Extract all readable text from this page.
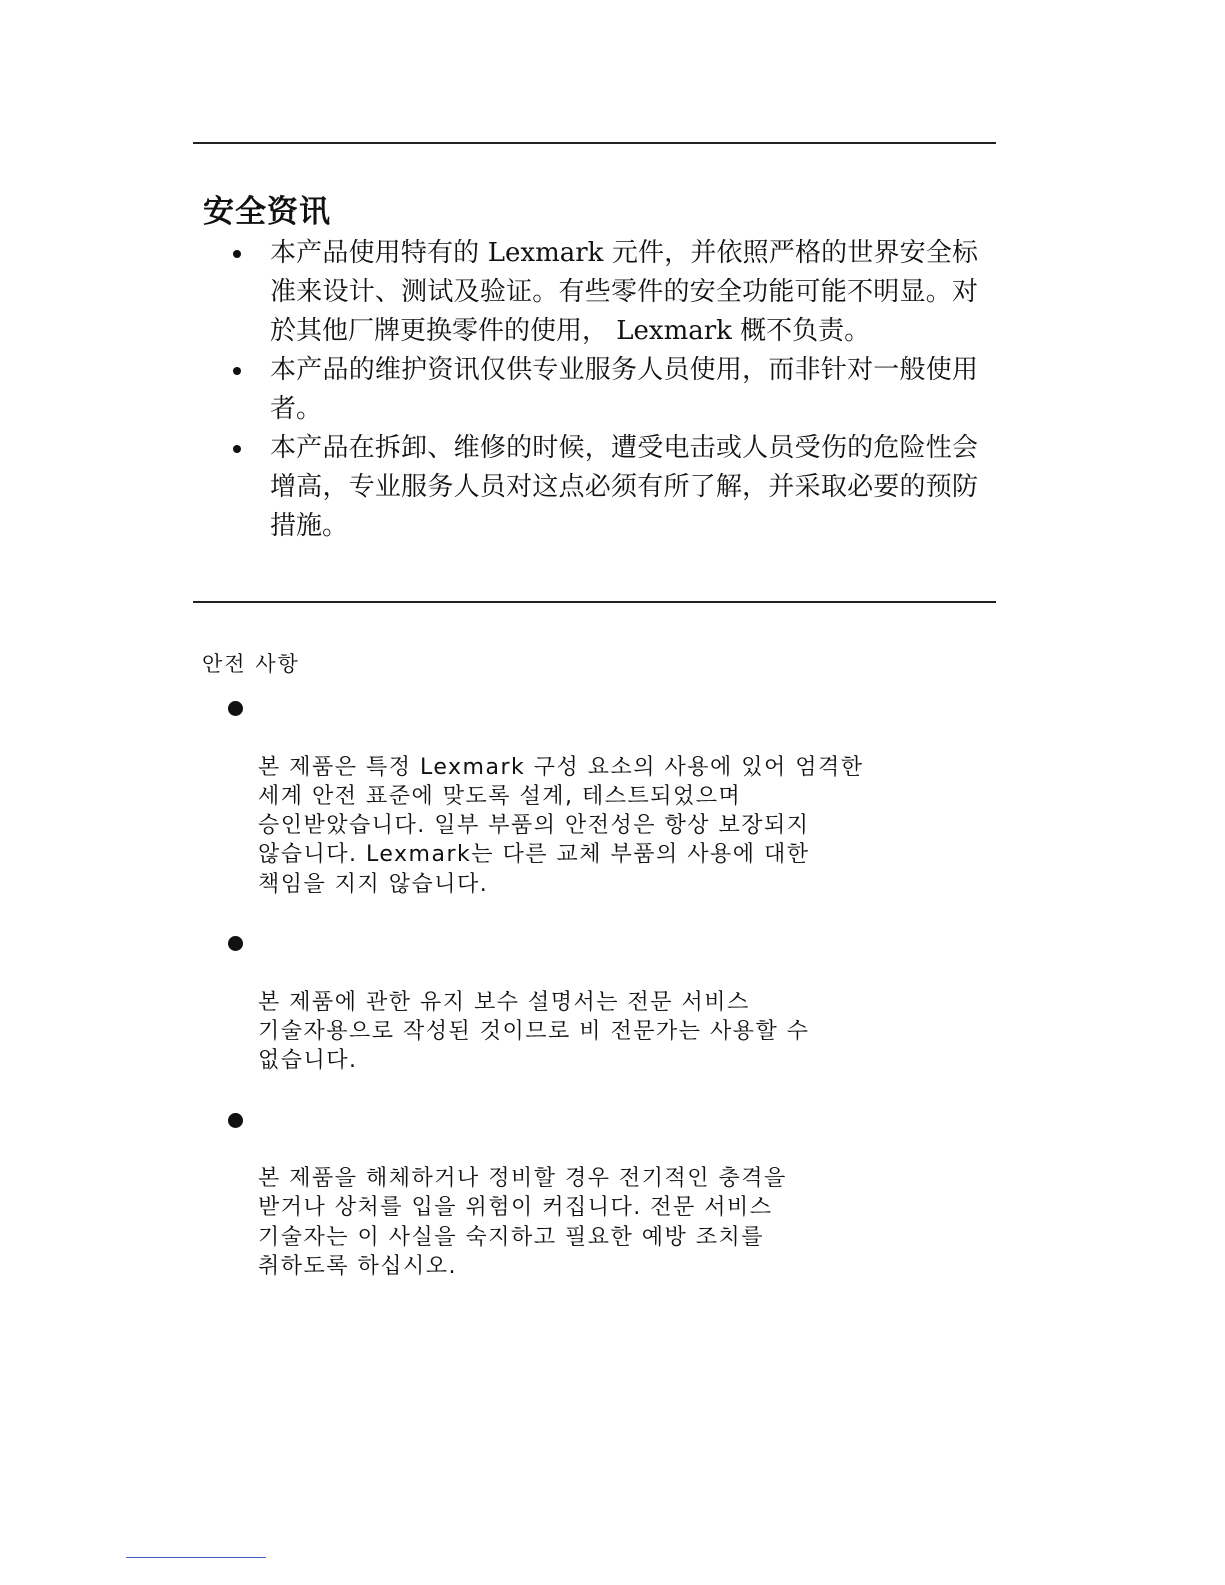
安全资讯
本产品使用特有的 Lexmark 元件，并依照严格的世界安全标准来设计、测试及验证。有些零件的安全功能可能不明显。对於其他厂牌更换零件的使用， Lexmark 概不负责。
本产品的维护资讯仅供专业服务人员使用，而非针对一般使用者。
本产品在拆卸、维修的时候，遭受电击或人员受伤的危险性会增高，专业服务人员对这点必须有所了解，并采取必要的预防措施。
안전 사항

본 제품은 특정 Lexmark 구성 요소의 사용에 있어 엄격한
세계 안전 표준에 맞도록 설계, 테스트되었으며
승인받았습니다. 일부 부품의 안전성은 항상 보장되지
않습니다. Lexmark는 다른 교체 부품의 사용에 대한
책임을 지지 않습니다.

본 제품에 관한 유지 보수 설명서는 전문 서비스
기술자용으로 작성된 것이므로 비 전문가는 사용할 수
없습니다.

본 제품을 해체하거나 정비할 경우 전기적인 충격을
받거나 상처를 입을 위험이 커집니다. 전문 서비스
기술자는 이 사실을 숙지하고 필요한 예방 조치를
취하도록 하십시오.
